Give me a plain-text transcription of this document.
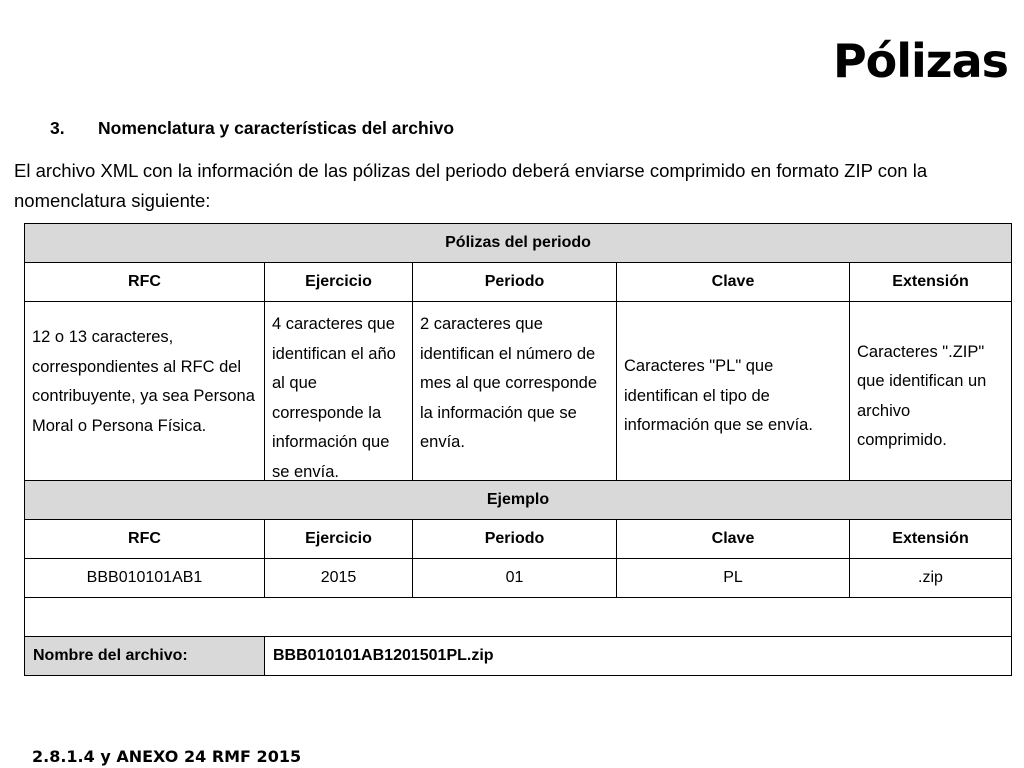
Pólizas
3. Nomenclatura y características del archivo
El archivo XML con la información de las pólizas del periodo deberá enviarse comprimido en formato ZIP con la nomenclatura siguiente:
Pólizas del periodo				
RFC	Ejercicio	Periodo	Clave	Extensión
12 o 13 caracteres, correspondientes al RFC del contribuyente, ya sea Persona Moral o Persona Física.	4 caracteres que identifican el año al que corresponde la información que se envía.	2 caracteres que identifican el número de mes al que corresponde la información que se envía.	Caracteres "PL" que identifican el tipo de información que se envía.	Caracteres ".ZIP" que identifican un archivo comprimido.
Ejemplo				
RFC	Ejercicio	Periodo	Clave	Extensión
BBB010101AB1	2015	01	PL	.zip

Nombre del archivo:	BBB010101AB1201501PL.zip			
2.8.1.4 y ANEXO 24 RMF 2015
